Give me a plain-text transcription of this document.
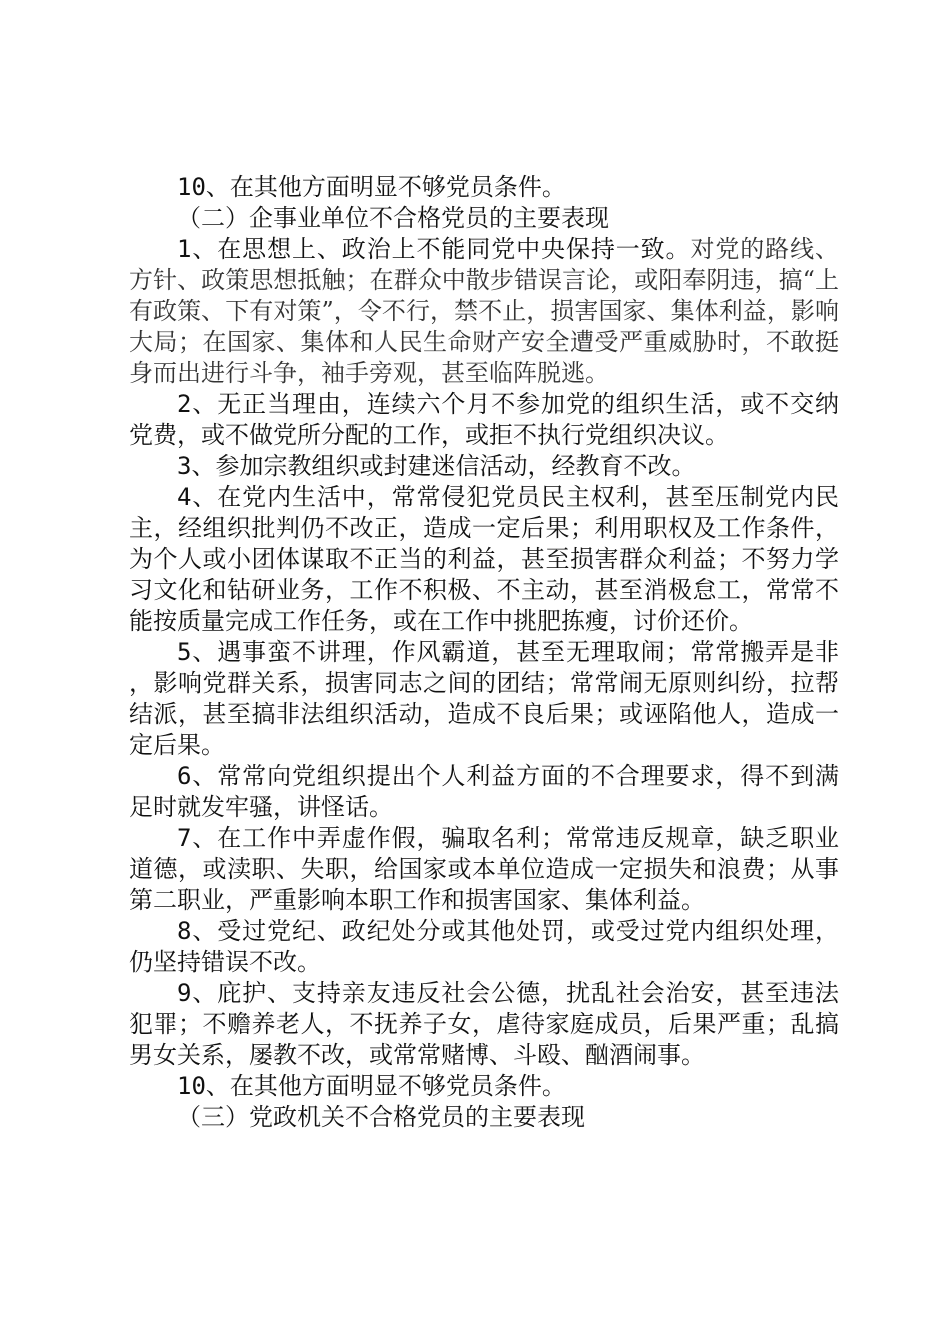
10、在其他方面明显不够党员条件。

（二）企事业单位不合格党员的主要表现

1、在思想上、政治上不能同党中央保持一致。对党的路线、方针、政策思想抵触；在群众中散步错误言论，或阳奉阴违，搞“上有政策、下有对策”，令不行，禁不止，损害国家、集体利益，影响大局；在国家、集体和人民生命财产安全遭受严重威胁时，不敢挺身而出进行斗争，袖手旁观，甚至临阵脱逃。

2、无正当理由，连续六个月不参加党的组织生活，或不交纳党费，或不做党所分配的工作，或拒不执行党组织决议。

3、参加宗教组织或封建迷信活动，经教育不改。

4、在党内生活中，常常侵犯党员民主权利，甚至压制党内民主，经组织批判仍不改正，造成一定后果；利用职权及工作条件，为个人或小团体谋取不正当的利益，甚至损害群众利益；不努力学习文化和钻研业务，工作不积极、不主动，甚至消极怠工，常常不能按质量完成工作任务，或在工作中挑肥拣瘦，讨价还价。

5、遇事蛮不讲理，作风霸道，甚至无理取闹；常常搬弄是非，影响党群关系，损害同志之间的团结；常常闹无原则纠纷，拉帮结派，甚至搞非法组织活动，造成不良后果；或诬陷他人，造成一定后果。

6、常常向党组织提出个人利益方面的不合理要求，得不到满足时就发牢骚，讲怪话。

7、在工作中弄虚作假，骗取名利；常常违反规章，缺乏职业道德，或渎职、失职，给国家或本单位造成一定损失和浪费；从事第二职业，严重影响本职工作和损害国家、集体利益。

8、受过党纪、政纪处分或其他处罚，或受过党内组织处理，仍坚持错误不改。

9、庇护、支持亲友违反社会公德，扰乱社会治安，甚至违法犯罪；不赡养老人，不抚养子女，虐待家庭成员，后果严重；乱搞男女关系，屡教不改，或常常赌博、斗殴、酗酒闹事。

10、在其他方面明显不够党员条件。

（三）党政机关不合格党员的主要表现
